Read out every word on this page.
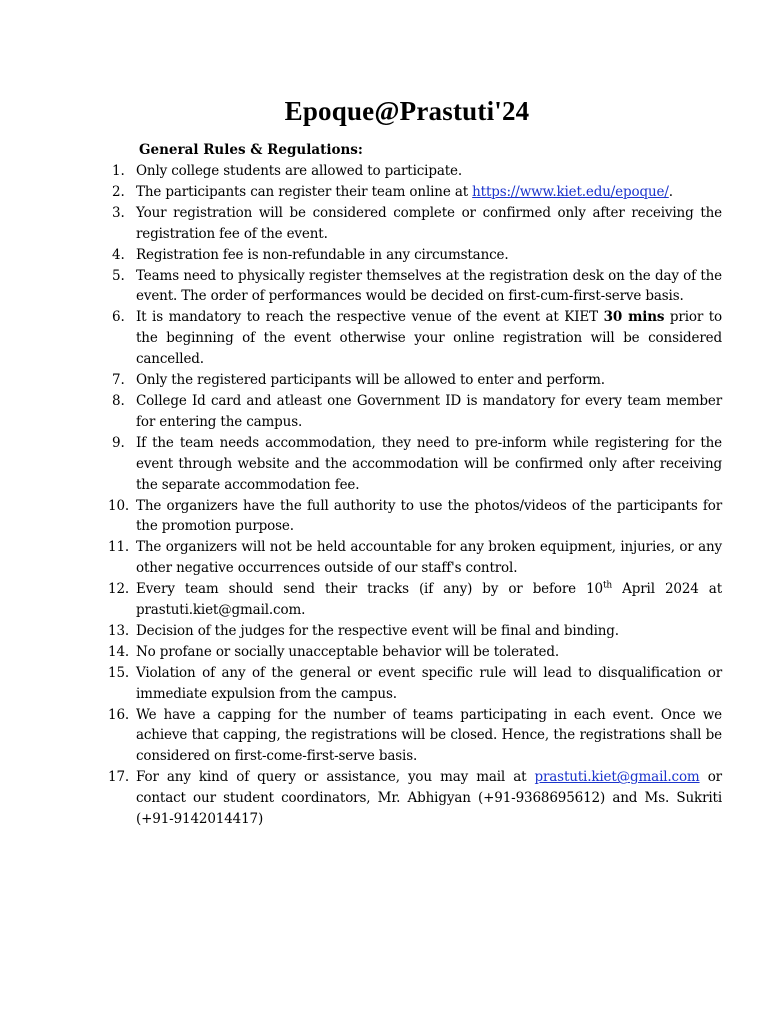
Epoque@Prastuti'24

General Rules & Regulations:

1. Only college students are allowed to participate.
2. The participants can register their team online at https://www.kiet.edu/epoque/.
3. Your registration will be considered complete or confirmed only after receiving the registration fee of the event.
4. Registration fee is non-refundable in any circumstance.
5. Teams need to physically register themselves at the registration desk on the day of the event. The order of performances would be decided on first-cum-first-serve basis.
6. It is mandatory to reach the respective venue of the event at KIET 30 mins prior to the beginning of the event otherwise your online registration will be considered cancelled.
7. Only the registered participants will be allowed to enter and perform.
8. College Id card and atleast one Government ID is mandatory for every team member for entering the campus.
9. If the team needs accommodation, they need to pre-inform while registering for the event through website and the accommodation will be confirmed only after receiving the separate accommodation fee.
10. The organizers have the full authority to use the photos/videos of the participants for the promotion purpose.
11. The organizers will not be held accountable for any broken equipment, injuries, or any other negative occurrences outside of our staff's control.
12. Every team should send their tracks (if any) by or before 10th April 2024 at prastuti.kiet@gmail.com.
13. Decision of the judges for the respective event will be final and binding.
14. No profane or socially unacceptable behavior will be tolerated.
15. Violation of any of the general or event specific rule will lead to disqualification or immediate expulsion from the campus.
16. We have a capping for the number of teams participating in each event. Once we achieve that capping, the registrations will be closed. Hence, the registrations shall be considered on first-come-first-serve basis.
17. For any kind of query or assistance, you may mail at prastuti.kiet@gmail.com or contact our student coordinators, Mr. Abhigyan (+91-9368695612) and Ms. Sukriti (+91-9142014417)
